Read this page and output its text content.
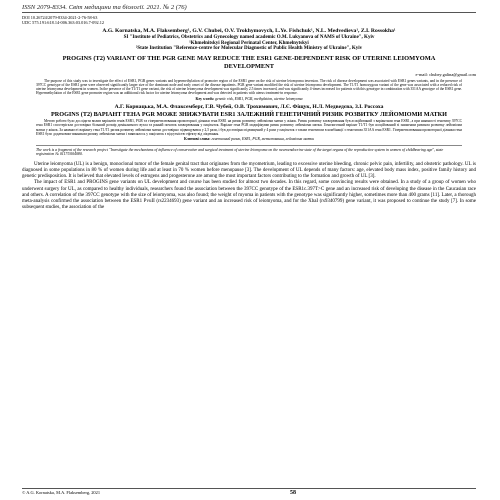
ISSN 2079-8334. Світ медицини та біології. 2021. № 2 (76)
DOI 10.26724/2079-8334-2021-2-76-58-63
UDC 575.191:618.14-006.363:03.016.7-092.12
A.G. Kornatska, M.A. Flaksemberg¹, G.V. Chubei, O.V. Trokhymovych, L.Ye. Fishchuk¹, N.L. Medvedieva¹, Z.I. Rossokha¹
SI "Institute of Pediatrics, Obstetrics and Gynecology named academic O.M. Lukyanova of NAMS of Ukraine", Kyiv
¹Khmelnitskyi Regional Perinatal Center, Khmelnytskyi
²State Institution "Reference-centre for Molecular Diagnostic of Public Health Ministry of Ukraine", Kyiv
PROGINS (T2) VARIANT OF THE PGR GENE MAY REDUCE THE ESR1 GENE-DEPENDENT RISK OF UTERINE LEIOMYOMA DEVELOPMENT
e-mail: chubey.galina@gmail.com

The purpose of this study was to investigate the effect of ESR1, PGR genes variants and hypermethylation of promoter region of the ESR1 gene on the risk of uterine leiomyoma inversion. The risk of disease development was associated with ESR1 genes variants, and in the presence of 397CC genotype of the ESR1 gene were observed significantly larger size of the dominant node and early onset of the disease inpatients. PGR gene variant modified the risk of uterine leiomyoma development. The T1/T1 homozygous variant of the gene was associated with a reduced risk of uterine leiomyoma development in women. In the presence of the T1/T1 gene variant, the risk of uterine leiomyoma development was significantly 2.5 times increased, and was significantly 4-times increased for patients with this genotype in combination with 351AA genotype of the ESR1 gene. Hypermethylation of the ESR1 gene promoter region was an additional risk factor for uterine leiomyoma development and was detected in patients with uterus treatment-in response.

Key words: genetic risk, ESR1, PGR, methylation, uterine leiomyoma
А.Г. Корнацька, М.А. Флаксемберг, Г.В. Чубей, О.В. Трохимович, Л.Є. Фіщук, Н.Л. Медведєва, З.І. Россоха
PROGINS (T2) ВАРІАНТ ГЕНА PGR МОЖЕ ЗНИЖУВАТИ ESR1 ЗАЛЕЖНИЙ ГЕНЕТИЧНИЙ РИЗИК РОЗВИТКУ ЛЕЙОМІОМИ МАТКИ

Метою роботи було дослідити вплив варіантів генів ESR1, PGR та гіперметилювання промоторної ділянки гена ESR1 на ризик розвитку лейоміоми матки у жінок. Ризик розвитку захворювання був асоційований з варіантами гена ESR1, а при наявності генотипу 397CC гена ESR1 спостерігали достовірно більший розмір домінантного вузла та ранній початок захворювання у пацієнток. Варіант гена PGR модифікував ризик розвитку лейоміоми матки. Гомозиготний варіант T1/T1 був асоційований зі зниженим ризиком розвитку лейоміоми матки у жінок. За наявності варіанту гена T1/T1 ризик розвитку лейоміоми матки достовірно підвищувався у 2,5 рази, і був достовірно підвищений у 4 рази у пацієнток з таким генотипом в комбінації з генотипом 351AA гена ESR1. Гіперметилювання промоторної ділянки гена ESR1 було додатковим чинником ризику лейоміоми матки і виявлялось у пацієнток з відсутністю ефекту від лікування.

Ключові слова: генетичний ризик, ESR1, PGR, метилювання, лейоміома матки
The work is a fragment of the research project "Investigate the mechanisms of influence of conservative and surgical treatment of uterine leiomyoma on the neuroendocrine state of the target organs of the reproductive system in women of childbearing age", state registration № 0117U004080.

Uterine leiomyoma (UL) is a benign, monoclonal tumor of the female genital tract that originates from the myometrium, leading to excessive uterine bleeding, chronic pelvic pain, infertility, and obstetric pathology. UL is diagnosed in some populations in 80 % of women during life and at least in 70 % women before menopause [3]. The development of UL depends of many factors: age, elevated body mass index, positive family history and genetic predisposition. It is believed that elevated levels of estrogens and progesterone are among the most important factors contributing to the formation and growth of UL [3].

The impact of ESR1 and PROGINS gene variants on UL development and course has been studied for almost two decades. In this regard, some convincing results were obtained. In a study of a group of women who underwent surgery for UL, as compared to healthy individuals, researchers found the association between the 397CC genotype of the ESR1c.397T>C gene and an increased risk of developing the disease in the Caucasian race and others. A correlation of the 397CC genotype with the size of leiomyoma, was also found; the weight of myoma in patients with the genotype was significantly higher, sometimes more than 400 grams [11]. Later, a thorough meta-analysis confirmed the association between the ESR1 PvuII (rs2234693) gene variant and an increased risk of leiomyoma, and for the XbaI (rs9340799) gene variant, it was proposed to continue the study [7]. In some subsequent studies, the association of the

© A.G. Kornatska, M.A. Flaksemberg, 2021	58
